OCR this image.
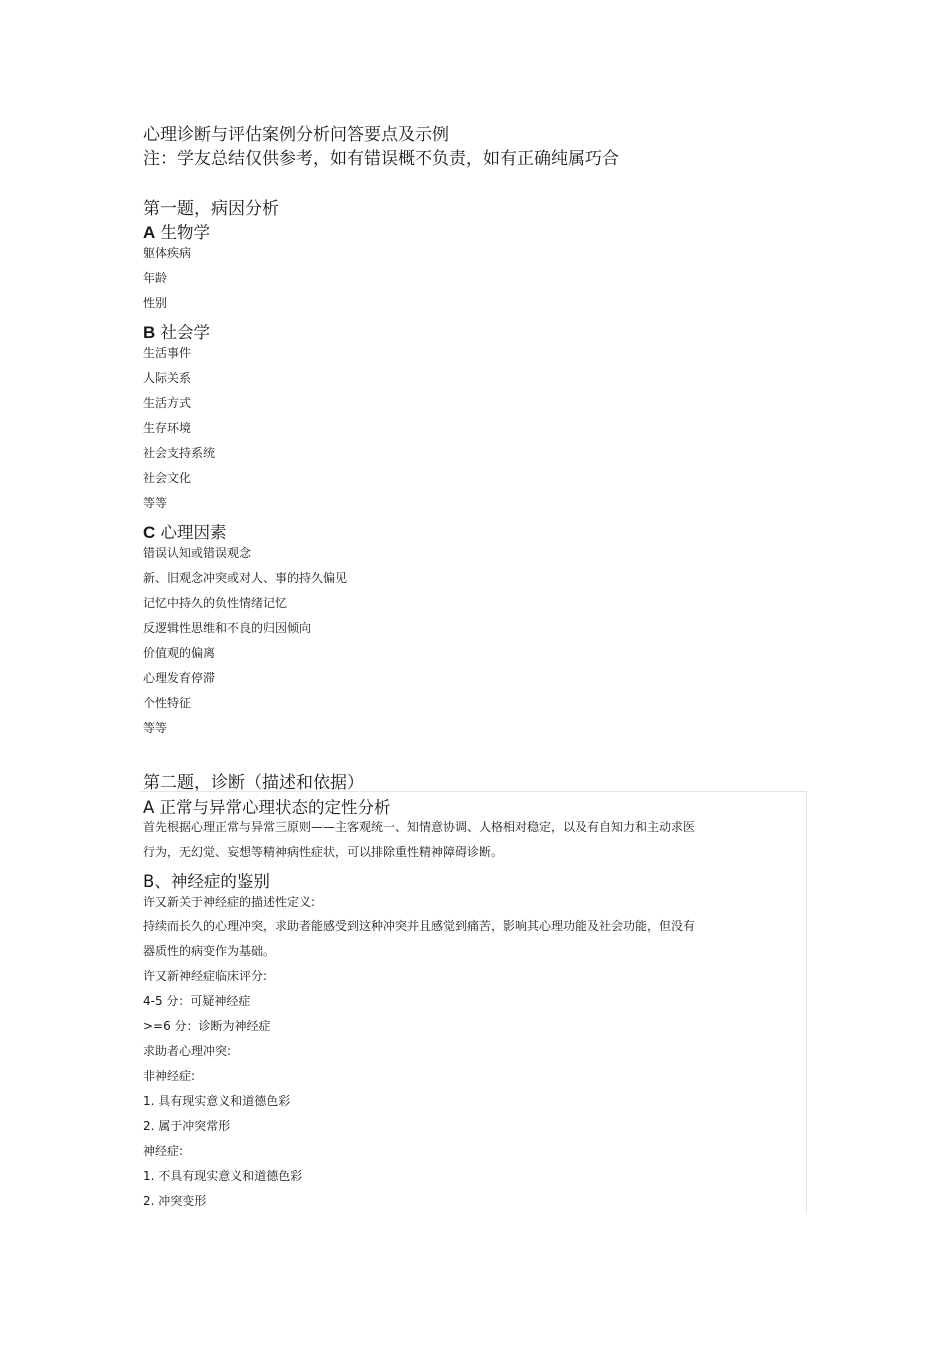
心理诊断与评估案例分析问答要点及示例
注：学友总结仅供参考，如有错误概不负责，如有正确纯属巧合
第一题，病因分析
A 生物学
躯体疾病
年龄
性别
B 社会学
生活事件
人际关系
生活方式
生存环境
社会支持系统
社会文化
等等
C 心理因素
错误认知或错误观念
新、旧观念冲突或对人、事的持久偏见
记忆中持久的负性情绪记忆
反逻辑性思维和不良的归因倾向
价值观的偏离
心理发育停滞
个性特征
等等
第二题，诊断（描述和依据）
A 正常与异常心理状态的定性分析
首先根据心理正常与异常三原则——主客观统一、知情意协调、人格相对稳定，以及有自知力和主动求医
行为，无幻觉、妄想等精神病性症状，可以排除重性精神障碍诊断。
B、神经症的鉴别
许又新关于神经症的描述性定义:
持续而长久的心理冲突，求助者能感受到这种冲突并且感觉到痛苦，影响其心理功能及社会功能，但没有
器质性的病变作为基础。
许又新神经症临床评分:
4-5 分：可疑神经症
>=6 分：诊断为神经症
求助者心理冲突:
非神经症:
1. 具有现实意义和道德色彩
2. 属于冲突常形
神经症:
1. 不具有现实意义和道德色彩
2. 冲突变形
